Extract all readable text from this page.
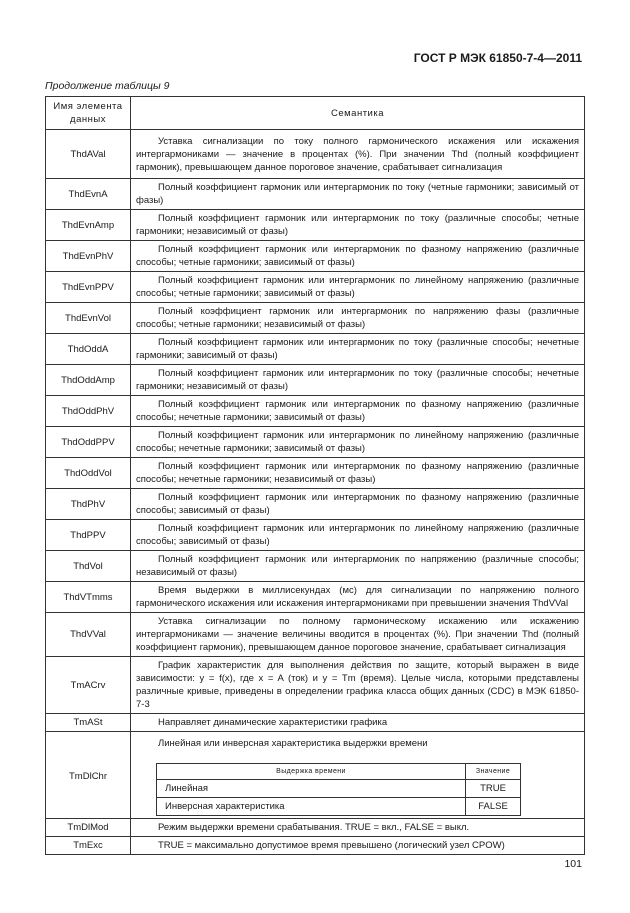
ГОСТ Р МЭК 61850-7-4—2011
Продолжение таблицы 9
Имя элемента данных	Семантика
ThdAVal	
Уставка сигнализации по току полного гармонического искажения или искажения интергармониками — значение в процентах (%). При значении Thd (полный коэффициент гармоник), превышающем данное пороговое значение, срабатывает сигнализация

ThdEvnA	
Полный коэффициент гармоник или интергармоник по току (четные гармоники; зависимый от фазы)

ThdEvnAmp	
Полный коэффициент гармоник или интергармоник по току (различные способы; четные гармоники; независимый от фазы)

ThdEvnPhV	
Полный коэффициент гармоник или интергармоник по фазному напряжению (различные способы; четные гармоники; зависимый от фазы)

ThdEvnPPV	
Полный коэффициент гармоник или интергармоник по линейному напряжению (различные способы; четные гармоники; зависимый от фазы)

ThdEvnVol	
Полный коэффициент гармоник или интергармоник по напряжению фазы (различные способы; четные гармоники; независимый от фазы)

ThdOddA	
Полный коэффициент гармоник или интергармоник по току (различные способы; нечетные гармоники; зависимый от фазы)

ThdOddAmp	
Полный коэффициент гармоник или интергармоник по току (различные способы; нечетные гармоники; независимый от фазы)

ThdOddPhV	
Полный коэффициент гармоник или интергармоник по фазному напряжению (различные способы; нечетные гармоники; зависимый от фазы)

ThdOddPPV	
Полный коэффициент гармоник или интергармоник по линейному напряжению (различные способы; нечетные гармоники; зависимый от фазы)

ThdOddVol	
Полный коэффициент гармоник или интергармоник по фазному напряжению (различные способы; нечетные гармоники; независимый от фазы)

ThdPhV	
Полный коэффициент гармоник или интергармоник по фазному напряжению (различные способы; зависимый от фазы)

ThdPPV	
Полный коэффициент гармоник или интергармоник по линейному напряжению (различные способы; зависимый от фазы)

ThdVol	
Полный коэффициент гармоник или интергармоник по напряжению (различные способы; независимый от фазы)

ThdVTmms	
Время выдержки в миллисекундах (мс) для сигнализации по напряжению полного гармонического искажения или искажения интергармониками при превышении значения ThdVVal

ThdVVal	
Уставка сигнализации по полному гармоническому искажению или искажению интергармониками — значение величины вводится в процентах (%). При значении Thd (полный коэффициент гармоник), превышающем данное пороговое значение, срабатывает сигнализация

TmACrv	
График характеристик для выполнения действия по защите, который выражен в виде зависимости: y = f(x), где x = A (ток) и y = Tm (время). Целые числа, которыми представлены различные кривые, приведены в определении графика класса общих данных (CDC) в МЭК 61850-7-3

TmASt	Направляет динамические характеристики графика

TmDlChr	
Линейная или инверсная характеристика выдержки времени
Выдержка времени	Значение
Линейная	TRUE
Инверсная характеристика	FALSE

TmDlMod	Режим выдержки времени срабатывания. TRUE = вкл., FALSE = выкл.

TmExc	TRUE = максимально допустимое время превышено (логический узел CPOW)
101
